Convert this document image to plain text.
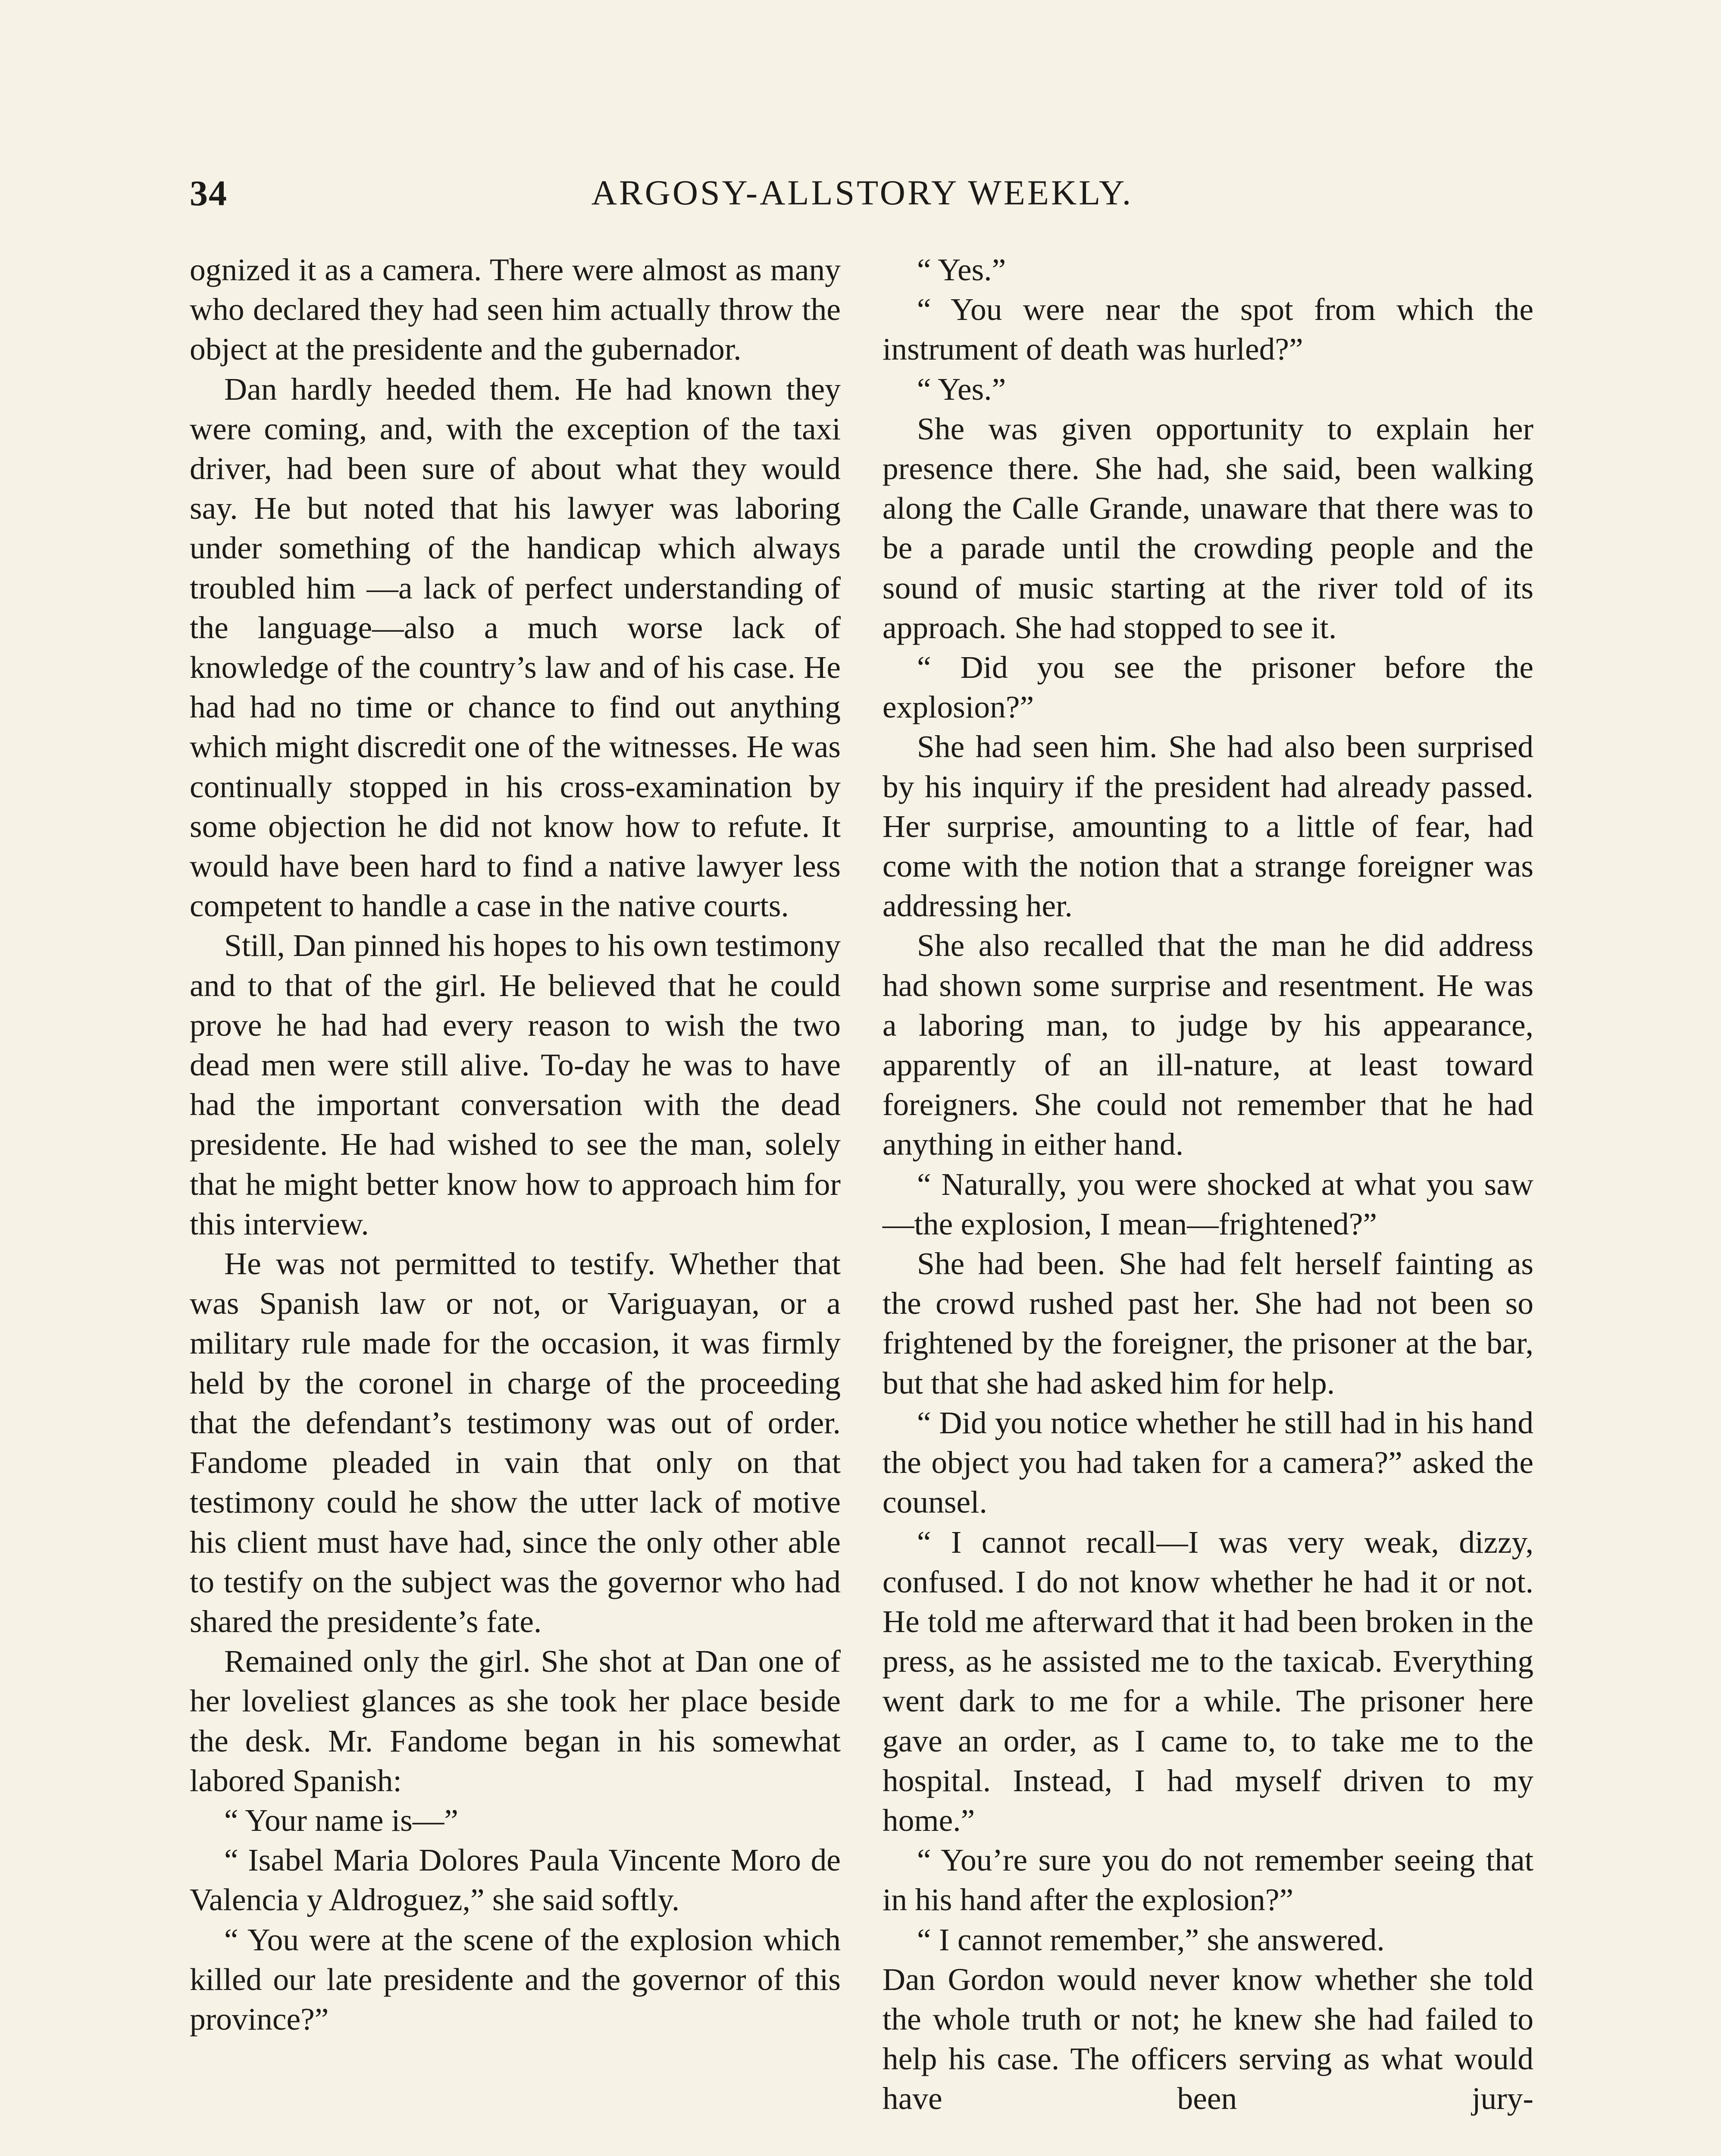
34	ARGOSY-ALLSTORY WEEKLY.

ognized it as a camera. There were almost as many who declared they had seen him actually throw the object at the presidente and the gubernador.

Dan hardly heeded them. He had known they were coming, and, with the exception of the taxi driver, had been sure of about what they would say. He but noted that his lawyer was laboring under something of the handicap which always troubled him —a lack of perfect understanding of the language—also a much worse lack of knowledge of the country’s law and of his case. He had had no time or chance to find out anything which might discredit one of the witnesses. He was continually stopped in his cross-examination by some objection he did not know how to refute. It would have been hard to find a native lawyer less competent to handle a case in the native courts.

Still, Dan pinned his hopes to his own testimony and to that of the girl. He believed that he could prove he had had every reason to wish the two dead men were still alive. To-day he was to have had the important conversation with the dead presidente. He had wished to see the man, solely that he might better know how to approach him for this interview.

He was not permitted to testify. Whether that was Spanish law or not, or Variguayan, or a military rule made for the occasion, it was firmly held by the coronel in charge of the proceeding that the defendant’s testimony was out of order. Fandome pleaded in vain that only on that testimony could he show the utter lack of motive his client must have had, since the only other able to testify on the subject was the governor who had shared the presidente’s fate.

Remained only the girl. She shot at Dan one of her loveliest glances as she took her place beside the desk. Mr. Fandome began in his somewhat labored Spanish:

“ Your name is—”

“ Isabel Maria Dolores Paula Vincente Moro de Valencia y Aldroguez,” she said softly.

“ You were at the scene of the explosion which killed our late presidente and the governor of this province?”

“ Yes.”

“ You were near the spot from which the instrument of death was hurled?”

“ Yes.”

She was given opportunity to explain her presence there. She had, she said, been walking along the Calle Grande, unaware that there was to be a parade until the crowding people and the sound of music starting at the river told of its approach. She had stopped to see it.

“ Did you see the prisoner before the explosion?”

She had seen him. She had also been surprised by his inquiry if the president had already passed. Her surprise, amounting to a little of fear, had come with the notion that a strange foreigner was addressing her.

She also recalled that the man he did address had shown some surprise and resentment. He was a laboring man, to judge by his appearance, apparently of an ill-nature, at least toward foreigners. She could not remember that he had anything in either hand.

“ Naturally, you were shocked at what you saw—the explosion, I mean—frightened?”

She had been. She had felt herself fainting as the crowd rushed past her. She had not been so frightened by the foreigner, the prisoner at the bar, but that she had asked him for help.

“ Did you notice whether he still had in his hand the object you had taken for a camera?” asked the counsel.

“ I cannot recall—I was very weak, dizzy, confused. I do not know whether he had it or not. He told me afterward that it had been broken in the press, as he assisted me to the taxicab. Everything went dark to me for a while. The prisoner here gave an order, as I came to, to take me to the hospital. Instead, I had myself driven to my home.”

“ You’re sure you do not remember seeing that in his hand after the explosion?”

“ I cannot remember,” she answered.

Dan Gordon would never know whether she told the whole truth or not; he knew she had failed to help his case. The officers serving as what would have been jury-
